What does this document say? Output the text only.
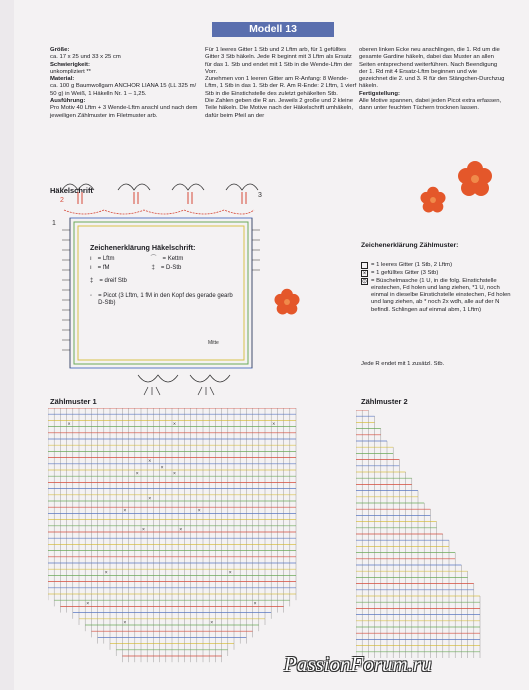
Modell 13

Größe:

ca. 17 x 25 und 33 x 25 cm

Schwierigkeit:

unkompliziert **

Material:

ca. 100 g Baumwollgarn ANCHOR LIANA 15 (LL 325 m/ 50 g) in Weiß, 1 Häkelln Nr. 1 – 1,25.

Ausführung:

Pro Motiv 40 Lftm + 3 Wende-Lftm anschl und nach dem jeweiligen Zählmuster im Filetmuster arb.

Für 1 leeres Gitter 1 Stb und 2 Lftm arb, für 1 gefülltes Gitter 3 Stb häkeln. Jede R beginnt mit 3 Lftm als Ersatz für das 1. Stb und endet mit 1 Stb in die Wende-Lftm der Vorr.

Zunehmen von 1 leeren Gitter am R-Anfang: 8 Wende-Lftm, 1 Stb in das 1. Stb der R. Am R-Ende: 2 Lftm, 1 vierf Stb in die Einstichstelle des zuletzt gehäkelten Stb.

Die Zahlen geben die R an. Jeweils 2 große und 2 kleine Teile häkeln. Die Motive nach der Häkelschrift umhäkeln, dafür beim Pfeil an der

oberen linken Ecke neu anschlingen, die 1. Rd um die gesamte Gardine häkeln, dabei das Muster an allen Seiten entsprechend weiterführen. Nach Beendigung der 1. Rd mit 4 Ersatz-Lftm beginnen und wie gezeichnet die 2. und 3. R für den Stängchen-Durchzug häkeln.

Fertigstellung:

Alle Motive spannen, dabei jeden Picot extra erfassen, dann unter feuchten Tüchern trocknen lassen.

Häkelschrift
2
3
1
Mitte
Zeichenerklärung Häkelschrift:
ı = Lftm	⌒ = Kettm
ı = fM	‡ = D-Stb
‡ = dreif Stb
◦ = Picot (3 Lftm, 1 fM in den Kopf des gerade gearb D-Stb)
Zeichenerklärung Zählmuster:
= 1 leeres Gitter (1 Stb, 2 Lftm)
× = 1 gefülltes Gitter (3 Stb)
⊙ = Büschelmasche (1 U, in die folg. Einstichstelle einstechen, Fd holen und lang ziehen, *1 U, noch einmal in dieselbe Einstichstelle einstechen, Fd holen und lang ziehen, ab * noch 2x wdh, alle auf der N befindl. Schlingen auf einmal abm, 1 Lftm)
Jede R endet mit 1 zusätzl. Stb.
Zählmuster 1	Zählmuster 2
×	×	×
×
×
×	×
×
×	×
×	×
×	×
×	×
×	×
PassionForum.ru
